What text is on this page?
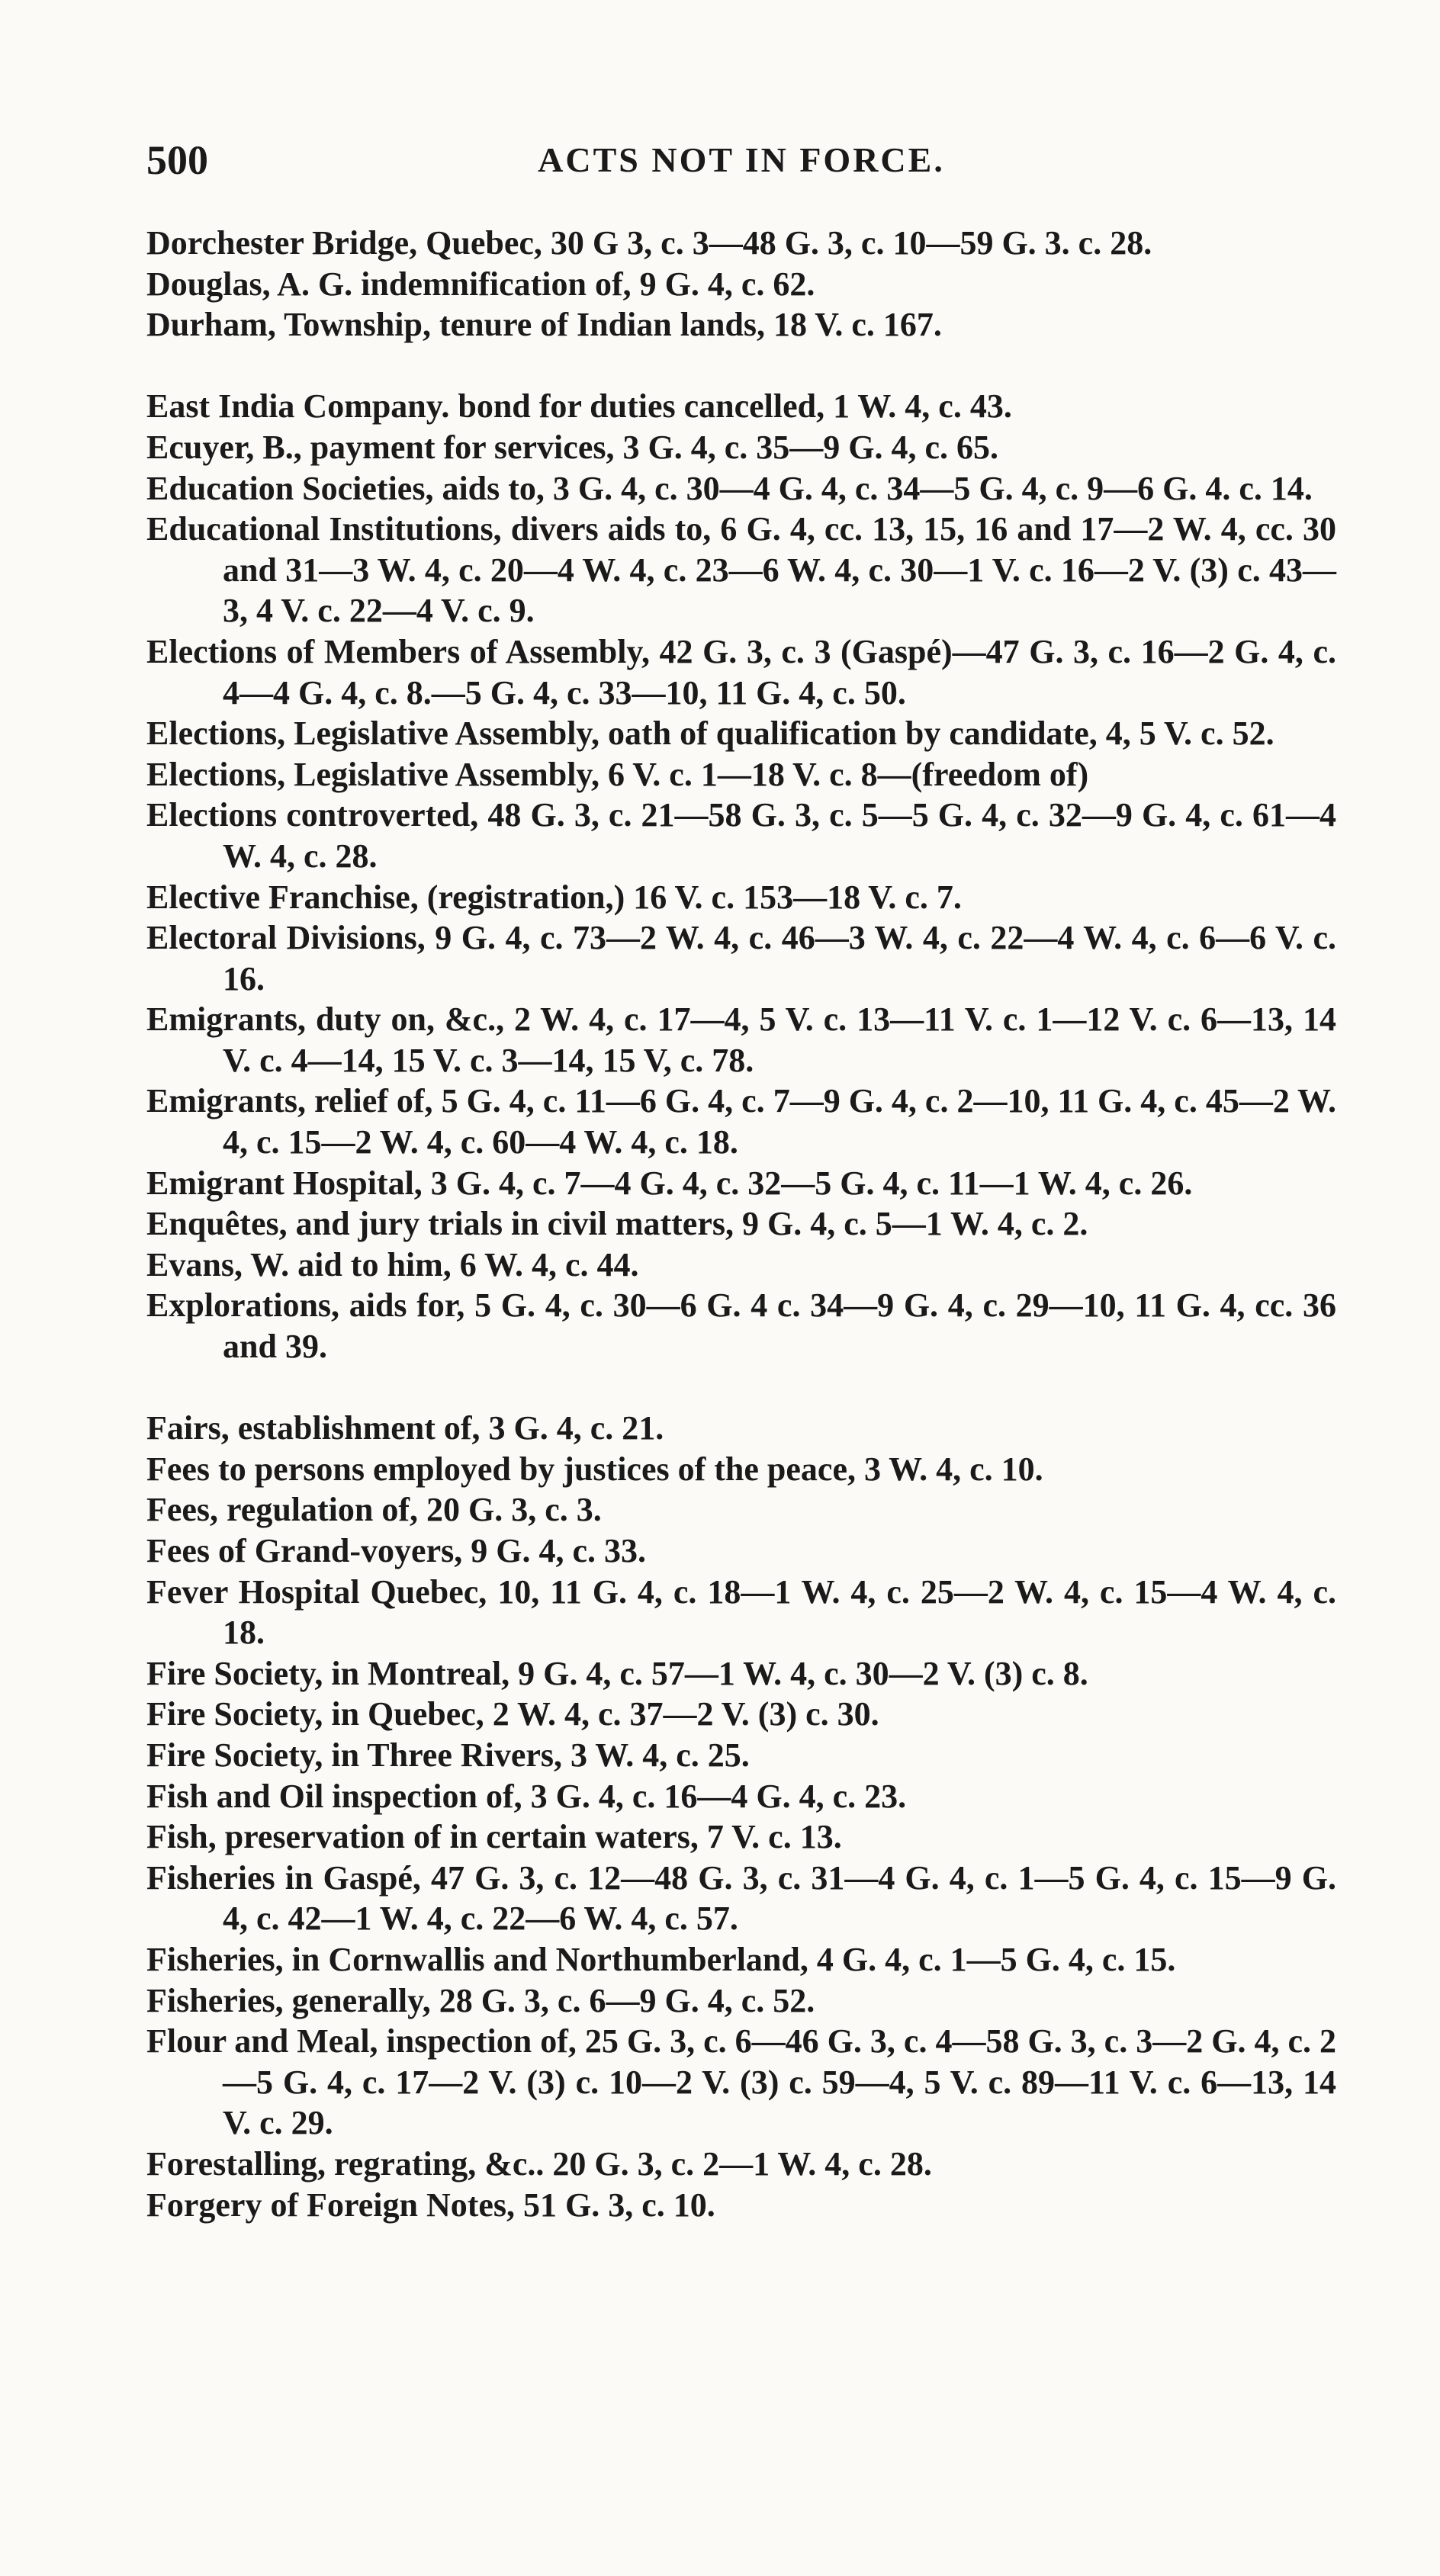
500	ACTS NOT IN FORCE.

Dorchester Bridge, Quebec, 30 G 3, c. 3—48 G. 3, c. 10—59 G. 3. c. 28.

Douglas, A. G. indemnification of, 9 G. 4, c. 62.

Durham, Township, tenure of Indian lands, 18 V. c. 167.

East India Company. bond for duties cancelled, 1 W. 4, c. 43.

Ecuyer, B., payment for services, 3 G. 4, c. 35—9 G. 4, c. 65.

Education Societies, aids to, 3 G. 4, c. 30—4 G. 4, c. 34—5 G. 4, c. 9—6 G. 4. c. 14.

Educational Institutions, divers aids to, 6 G. 4, cc. 13, 15, 16 and 17—2 W. 4, cc. 30 and 31—3 W. 4, c. 20—4 W. 4, c. 23—6 W. 4, c. 30—1 V. c. 16—2 V. (3) c. 43—3, 4 V. c. 22—4 V. c. 9.

Elections of Members of Assembly, 42 G. 3, c. 3 (Gaspé)—47 G. 3, c. 16—2 G. 4, c. 4—4 G. 4, c. 8.—5 G. 4, c. 33—10, 11 G. 4, c. 50.

Elections, Legislative Assembly, oath of qualification by candidate, 4, 5 V. c. 52.

Elections, Legislative Assembly, 6 V. c. 1—18 V. c. 8—(freedom of)

Elections controverted, 48 G. 3, c. 21—58 G. 3, c. 5—5 G. 4, c. 32—9 G. 4, c. 61—4 W. 4, c. 28.

Elective Franchise, (registration,) 16 V. c. 153—18 V. c. 7.

Electoral Divisions, 9 G. 4, c. 73—2 W. 4, c. 46—3 W. 4, c. 22—4 W. 4, c. 6—6 V. c. 16.

Emigrants, duty on, &c., 2 W. 4, c. 17—4, 5 V. c. 13—11 V. c. 1—12 V. c. 6—13, 14 V. c. 4—14, 15 V. c. 3—14, 15 V, c. 78.

Emigrants, relief of, 5 G. 4, c. 11—6 G. 4, c. 7—9 G. 4, c. 2—10, 11 G. 4, c. 45—2 W. 4, c. 15—2 W. 4, c. 60—4 W. 4, c. 18.

Emigrant Hospital, 3 G. 4, c. 7—4 G. 4, c. 32—5 G. 4, c. 11—1 W. 4, c. 26.

Enquêtes, and jury trials in civil matters, 9 G. 4, c. 5—1 W. 4, c. 2.

Evans, W. aid to him, 6 W. 4, c. 44.

Explorations, aids for, 5 G. 4, c. 30—6 G. 4 c. 34—9 G. 4, c. 29—10, 11 G. 4, cc. 36 and 39.

Fairs, establishment of, 3 G. 4, c. 21.

Fees to persons employed by justices of the peace, 3 W. 4, c. 10.

Fees, regulation of, 20 G. 3, c. 3.

Fees of Grand-voyers, 9 G. 4, c. 33.

Fever Hospital Quebec, 10, 11 G. 4, c. 18—1 W. 4, c. 25—2 W. 4, c. 15—4 W. 4, c. 18.

Fire Society, in Montreal, 9 G. 4, c. 57—1 W. 4, c. 30—2 V. (3) c. 8.

Fire Society, in Quebec, 2 W. 4, c. 37—2 V. (3) c. 30.

Fire Society, in Three Rivers, 3 W. 4, c. 25.

Fish and Oil inspection of, 3 G. 4, c. 16—4 G. 4, c. 23.

Fish, preservation of in certain waters, 7 V. c. 13.

Fisheries in Gaspé, 47 G. 3, c. 12—48 G. 3, c. 31—4 G. 4, c. 1—5 G. 4, c. 15—9 G. 4, c. 42—1 W. 4, c. 22—6 W. 4, c. 57.

Fisheries, in Cornwallis and Northumberland, 4 G. 4, c. 1—5 G. 4, c. 15.

Fisheries, generally, 28 G. 3, c. 6—9 G. 4, c. 52.

Flour and Meal, inspection of, 25 G. 3, c. 6—46 G. 3, c. 4—58 G. 3, c. 3—2 G. 4, c. 2—5 G. 4, c. 17—2 V. (3) c. 10—2 V. (3) c. 59—4, 5 V. c. 89—11 V. c. 6—13, 14 V. c. 29.

Forestalling, regrating, &c.. 20 G. 3, c. 2—1 W. 4, c. 28.

Forgery of Foreign Notes, 51 G. 3, c. 10.
